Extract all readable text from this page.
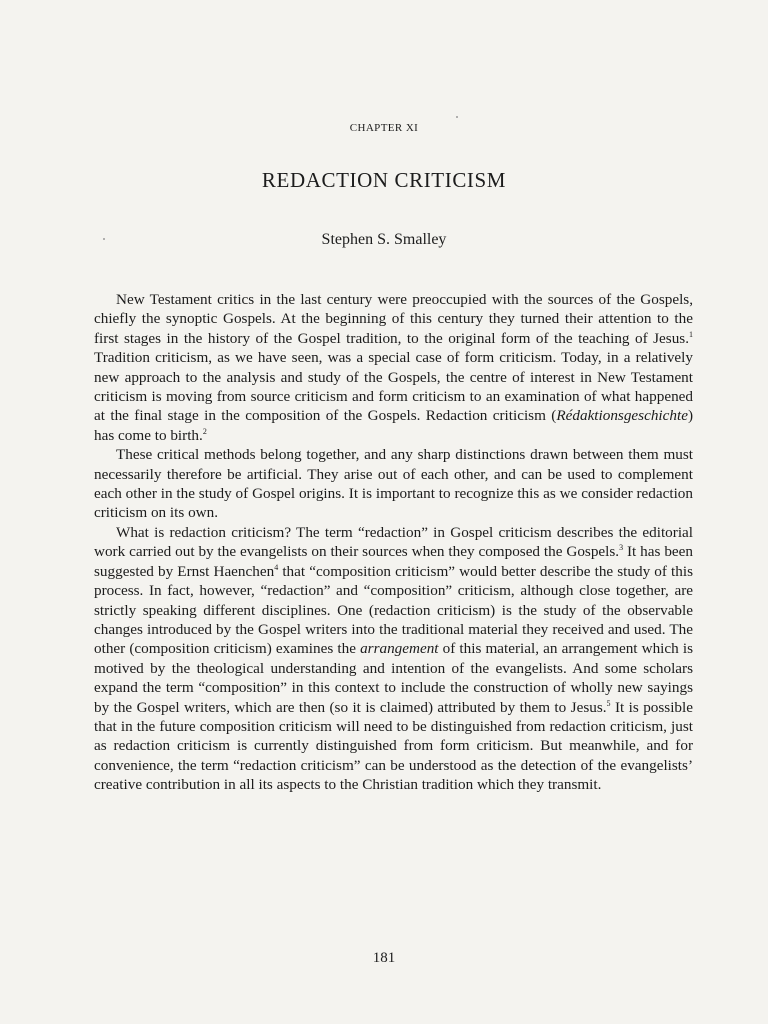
CHAPTER XI
REDACTION CRITICISM
Stephen S. Smalley

New Testament critics in the last century were preoccupied with the sources of the Gospels, chiefly the synoptic Gospels. At the beginning of this century they turned their attention to the first stages in the history of the Gospel tradition, to the original form of the teaching of Jesus.$^1$ Tradition criticism, as we have seen, was a special case of form criticism. Today, in a relatively new approach to the analysis and study of the Gospels, the centre of interest in New Testament criticism is moving from source criticism and form criticism to an examination of what happened at the final stage in the composition of the Gospels. Redaction criticism (Rédaktionsgeschichte) has come to birth.$^2$

These critical methods belong together, and any sharp distinctions drawn between them must necessarily therefore be artificial. They arise out of each other, and can be used to complement each other in the study of Gospel origins. It is important to recognize this as we consider redaction criticism on its own.

What is redaction criticism? The term “redaction” in Gospel criticism describes the editorial work carried out by the evangelists on their sources when they composed the Gospels.$^3$ It has been suggested by Ernst Haenchen$^4$ that “composition criticism” would better describe the study of this process. In fact, however, “redaction” and “composition” criticism, although close together, are strictly speaking different disciplines. One (redaction criticism) is the study of the observable changes introduced by the Gospel writers into the traditional material they received and used. The other (composition criticism) examines the arrangement of this material, an arrangement which is motived by the theological understanding and intention of the evangelists. And some scholars expand the term “composition” in this context to include the construction of wholly new sayings by the Gospel writers, which are then (so it is claimed) attributed by them to Jesus.$^5$ It is possible that in the future composition criticism will need to be distinguished from redaction criticism, just as redaction criticism is currently distinguished from form criticism. But meanwhile, and for convenience, the term “redaction criticism” can be understood as the detection of the evangelists’ creative contribution in all its aspects to the Christian tradition which they transmit.

181
